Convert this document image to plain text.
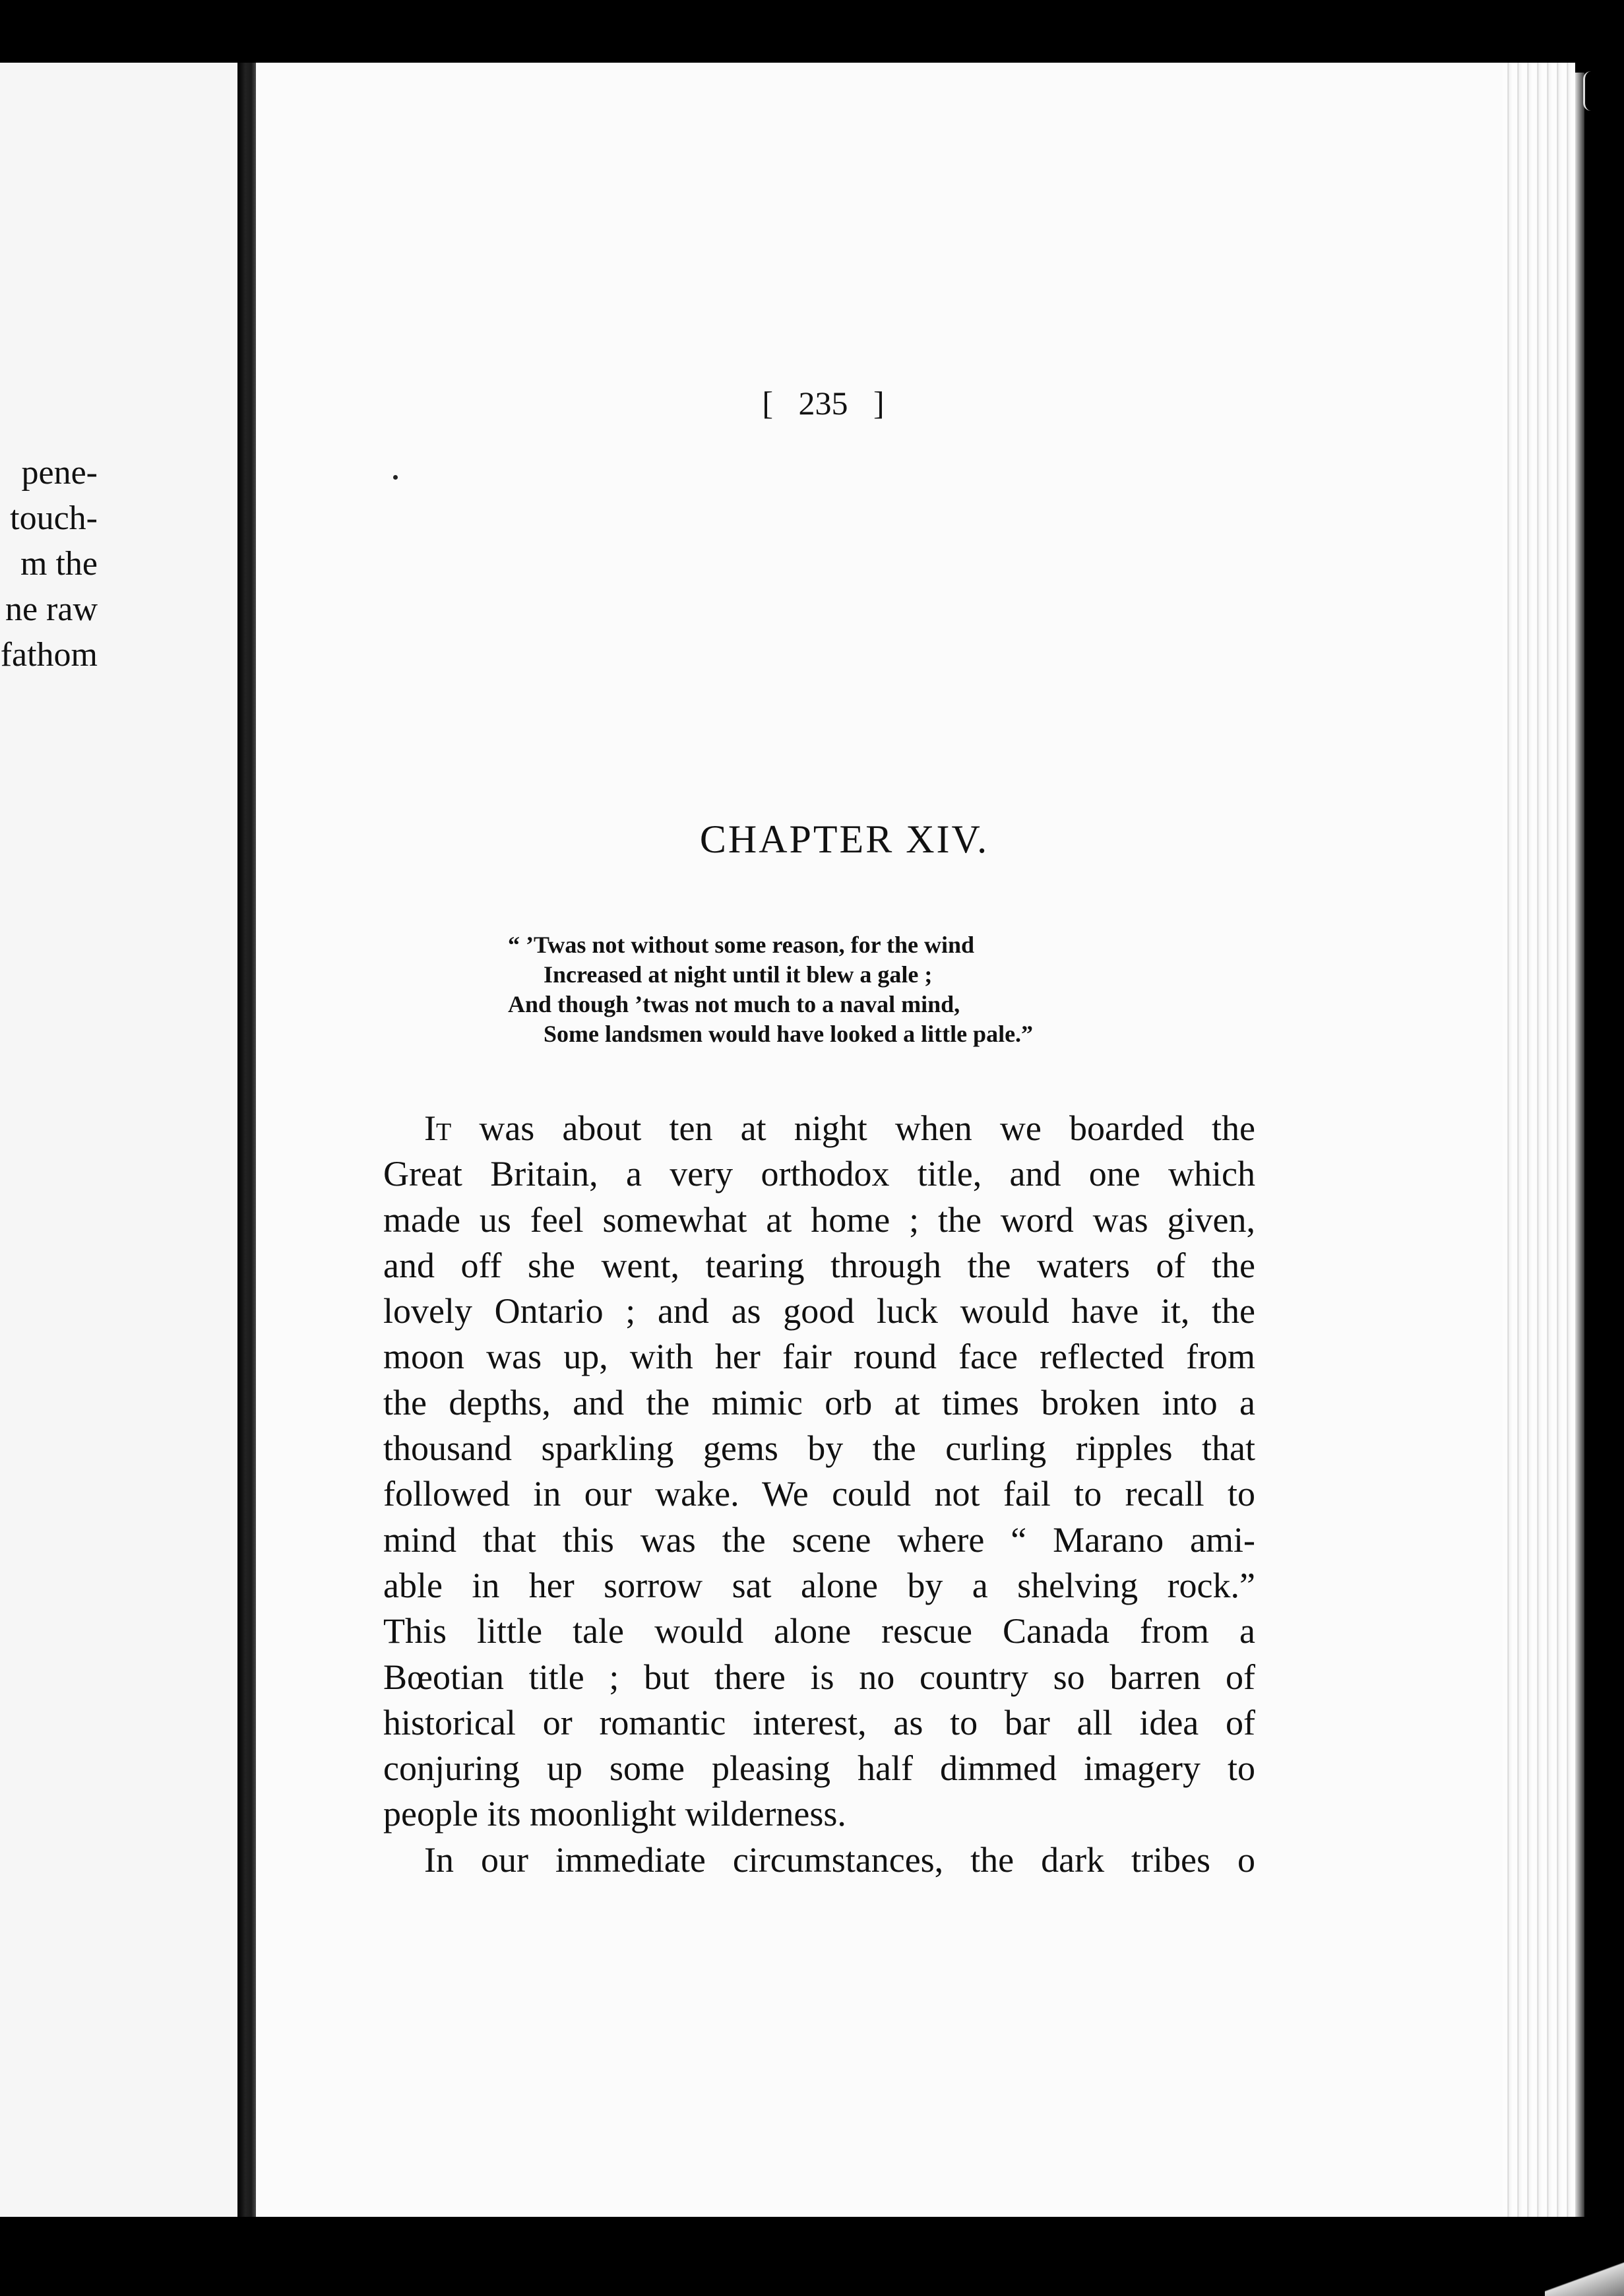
pene-
touch-
m the
ne raw
fathom
[ 235 ]
CHAPTER XIV.
“ ’Twas not without some reason, for the wind
Increased at night until it blew a gale ;
And though ’twas not much to a naval mind,
Some landsmen would have looked a little pale.”
It was about ten at night when we boarded the
Great Britain, a very orthodox title, and one which
made us feel somewhat at home ; the word was given,
and off she went, tearing through the waters of the
lovely Ontario ; and as good luck would have it, the
moon was up, with her fair round face reflected from
the depths, and the mimic orb at times broken into a
thousand sparkling gems by the curling ripples that
followed in our wake. We could not fail to recall to
mind that this was the scene where “ Marano ami-
able in her sorrow sat alone by a shelving rock.”
This little tale would alone rescue Canada from a
Bœotian title ; but there is no country so barren of
historical or romantic interest, as to bar all idea of
conjuring up some pleasing half dimmed imagery to
people its moonlight wilderness.
In our immediate circumstances, the dark tribes o
